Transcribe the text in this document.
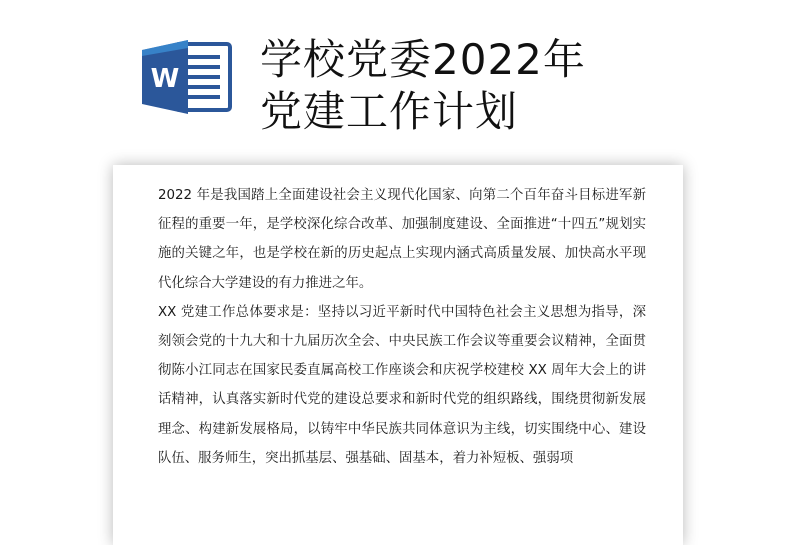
W 学校党委2022年
党建工作计划

2022 年是我国踏上全面建设社会主义现代化国家、向第二个百年奋斗目标进军新征程的重要一年，是学校深化综合改革、加强制度建设、全面推进“十四五”规划实施的关键之年，也是学校在新的历史起点上实现内涵式高质量发展、加快高水平现代化综合大学建设的有力推进之年。

XX 党建工作总体要求是：坚持以习近平新时代中国特色社会主义思想为指导，深刻领会党的十九大和十九届历次全会、中央民族工作会议等重要会议精神，全面贯彻陈小江同志在国家民委直属高校工作座谈会和庆祝学校建校 XX 周年大会上的讲话精神，认真落实新时代党的建设总要求和新时代党的组织路线，围绕贯彻新发展理念、构建新发展格局，以铸牢中华民族共同体意识为主线，切实围绕中心、建设队伍、服务师生，突出抓基层、强基础、固基本，着力补短板、强弱项
